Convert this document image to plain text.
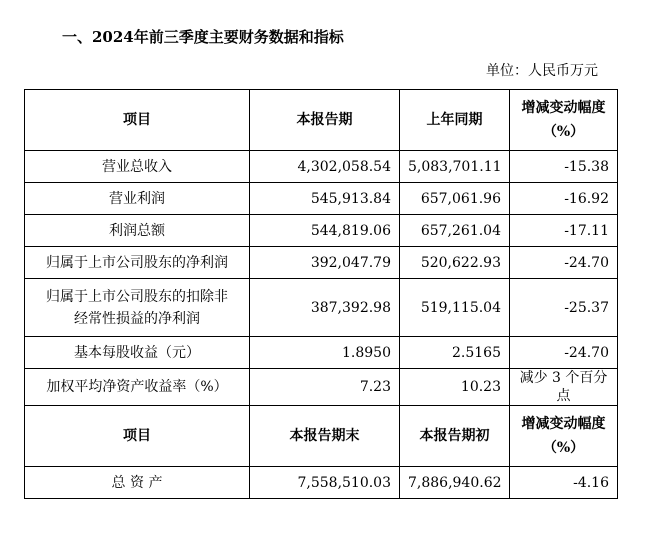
一、2024年前三季度主要财务数据和指标
单位：人民币万元
项目	本报告期	上年同期	增减变动幅度
（%）

营业总收入	4,302,058.54	5,083,701.11	-15.38
营业利润	545,913.84	657,061.96	-16.92
利润总额	544,819.06	657,261.04	-17.11
归属于上市公司股东的净利润	392,047.79	520,622.93	-24.70

归属于上市公司股东的扣除非
经常性损益的净利润	387,392.98	519,115.04	-25.37
基本每股收益（元）	1.8950	2.5165	-24.70
加权平均净资产收益率（%）	7.23	10.23	减少 3 个百分点
项目	本报告期末	本报告期初	增减变动幅度
（%）

总 资 产	7,558,510.03	7,886,940.62	-4.16
